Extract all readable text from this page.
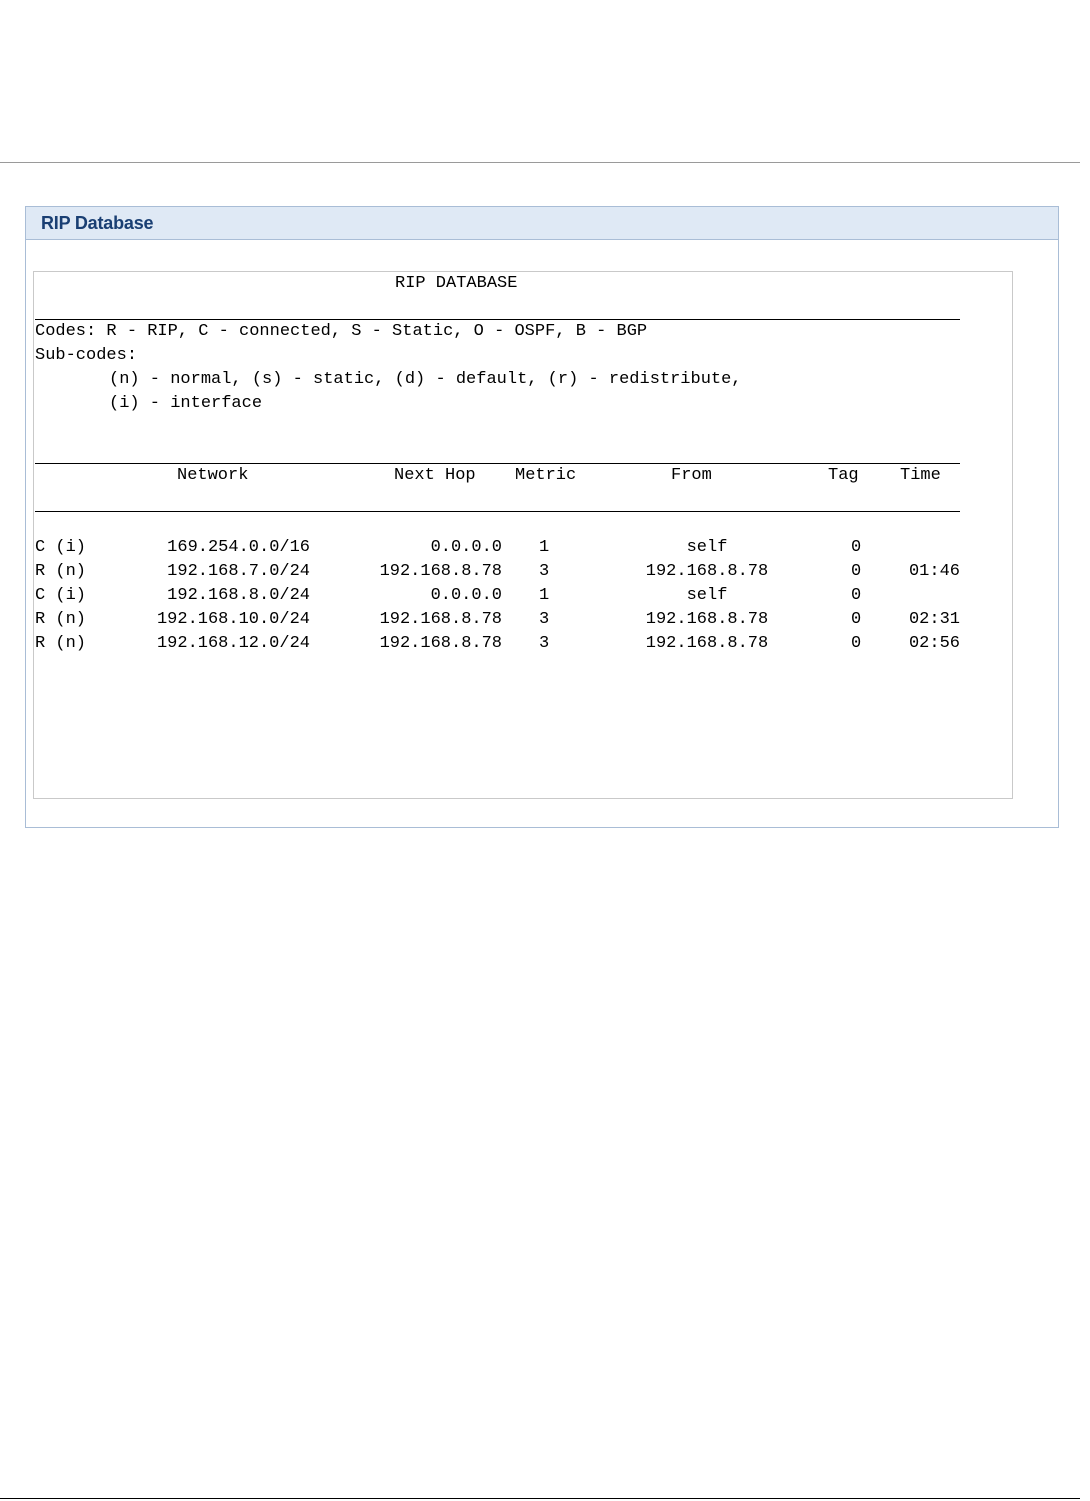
RIP Database
RIP DATABASE
Codes: R - RIP, C - connected, S - Static, O - OSPF, B - BGP
Sub-codes:
(n) - normal, (s) - static, (d) - default, (r) - redistribute,
(i) - interface
Network	Next Hop Metric	From	Tag Time
C (i)	169.254.0.0/16	0.0.0.0 1	self	0
R (n)	192.168.7.0/24	192.168.8.78 3	192.168.8.78	0	01:46
C (i)	192.168.8.0/24	0.0.0.0 1	self	0
R (n)	192.168.10.0/24	192.168.8.78 3	192.168.8.78	0	02:31
R (n)	192.168.12.0/24	192.168.8.78 3	192.168.8.78	0	02:56
